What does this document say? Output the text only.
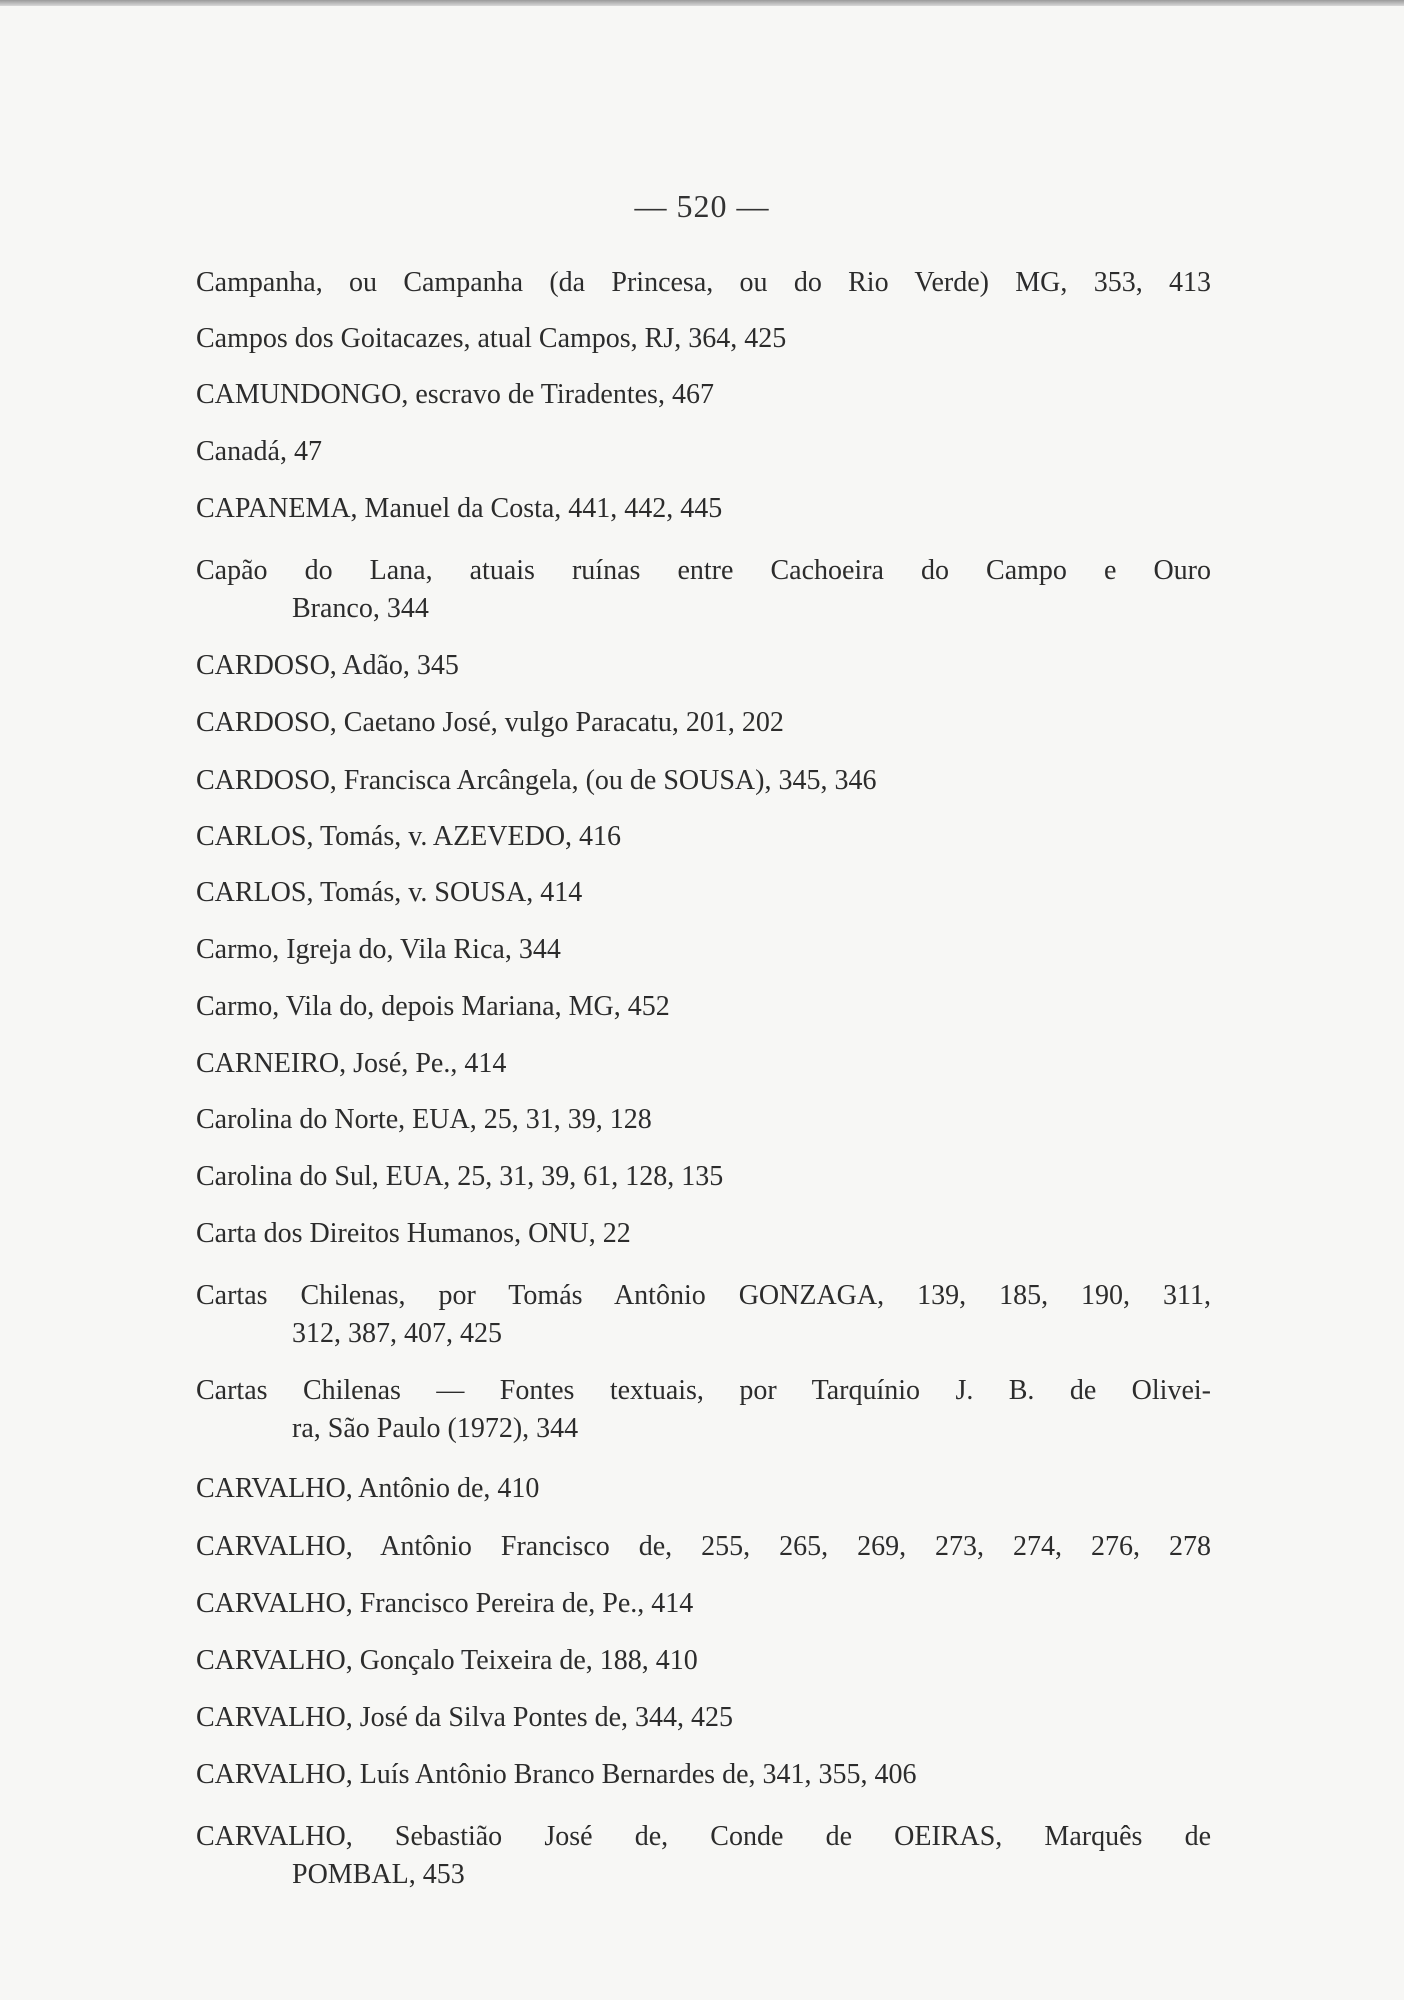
— 520 —
Campanha, ou Campanha (da Princesa, ou do Rio Verde) MG, 353, 413
Campos dos Goitacazes, atual Campos, RJ, 364, 425
CAMUNDONGO, escravo de Tiradentes, 467
Canadá, 47
CAPANEMA, Manuel da Costa, 441, 442, 445
Capão do Lana, atuais ruínas entre Cachoeira do Campo e Ouro
Branco, 344
CARDOSO, Adão, 345
CARDOSO, Caetano José, vulgo Paracatu, 201, 202
CARDOSO, Francisca Arcângela, (ou de SOUSA), 345, 346
CARLOS, Tomás, v. AZEVEDO, 416
CARLOS, Tomás, v. SOUSA, 414
Carmo, Igreja do, Vila Rica, 344
Carmo, Vila do, depois Mariana, MG, 452
CARNEIRO, José, Pe., 414
Carolina do Norte, EUA, 25, 31, 39, 128
Carolina do Sul, EUA, 25, 31, 39, 61, 128, 135
Carta dos Direitos Humanos, ONU, 22
Cartas Chilenas, por Tomás Antônio GONZAGA, 139, 185, 190, 311,
312, 387, 407, 425
Cartas Chilenas — Fontes textuais, por Tarquínio J. B. de Olivei-
ra, São Paulo (1972), 344
CARVALHO, Antônio de, 410
CARVALHO, Antônio Francisco de, 255, 265, 269, 273, 274, 276, 278
CARVALHO, Francisco Pereira de, Pe., 414
CARVALHO, Gonçalo Teixeira de, 188, 410
CARVALHO, José da Silva Pontes de, 344, 425
CARVALHO, Luís Antônio Branco Bernardes de, 341, 355, 406
CARVALHO, Sebastião José de, Conde de OEIRAS, Marquês de
POMBAL, 453
